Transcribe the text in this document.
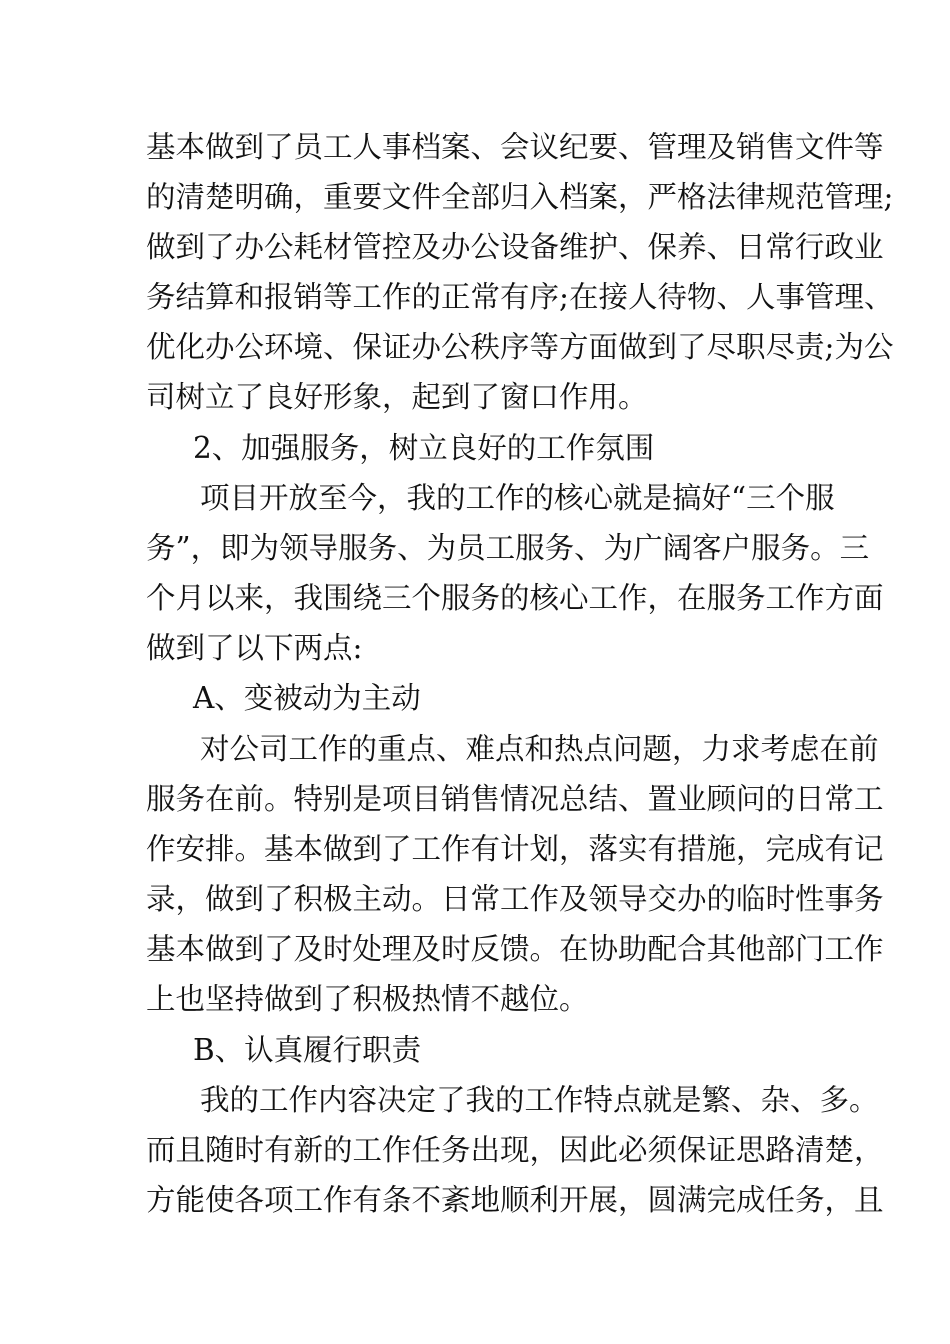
基本做到了员工人事档案、会议纪要、管理及销售文件等
的清楚明确，重要文件全部归入档案，严格法律规范管理;
做到了办公耗材管控及办公设备维护、保养、日常行政业
务结算和报销等工作的正常有序;在接人待物、人事管理、
优化办公环境、保证办公秩序等方面做到了尽职尽责;为公
司树立了良好形象，起到了窗口作用。
2、加强服务，树立良好的工作氛围
项目开放至今，我的工作的核心就是搞好“三个服
务”，即为领导服务、为员工服务、为广阔客户服务。三
个月以来，我围绕三个服务的核心工作，在服务工作方面
做到了以下两点:
A、变被动为主动
对公司工作的重点、难点和热点问题，力求考虑在前
服务在前。特别是项目销售情况总结、置业顾问的日常工
作安排。基本做到了工作有计划，落实有措施，完成有记
录，做到了积极主动。日常工作及领导交办的临时性事务
基本做到了及时处理及时反馈。在协助配合其他部门工作
上也坚持做到了积极热情不越位。
B、认真履行职责
我的工作内容决定了我的工作特点就是繁、杂、多。
而且随时有新的工作任务出现，因此必须保证思路清楚，
方能使各项工作有条不紊地顺利开展，圆满完成任务，且
